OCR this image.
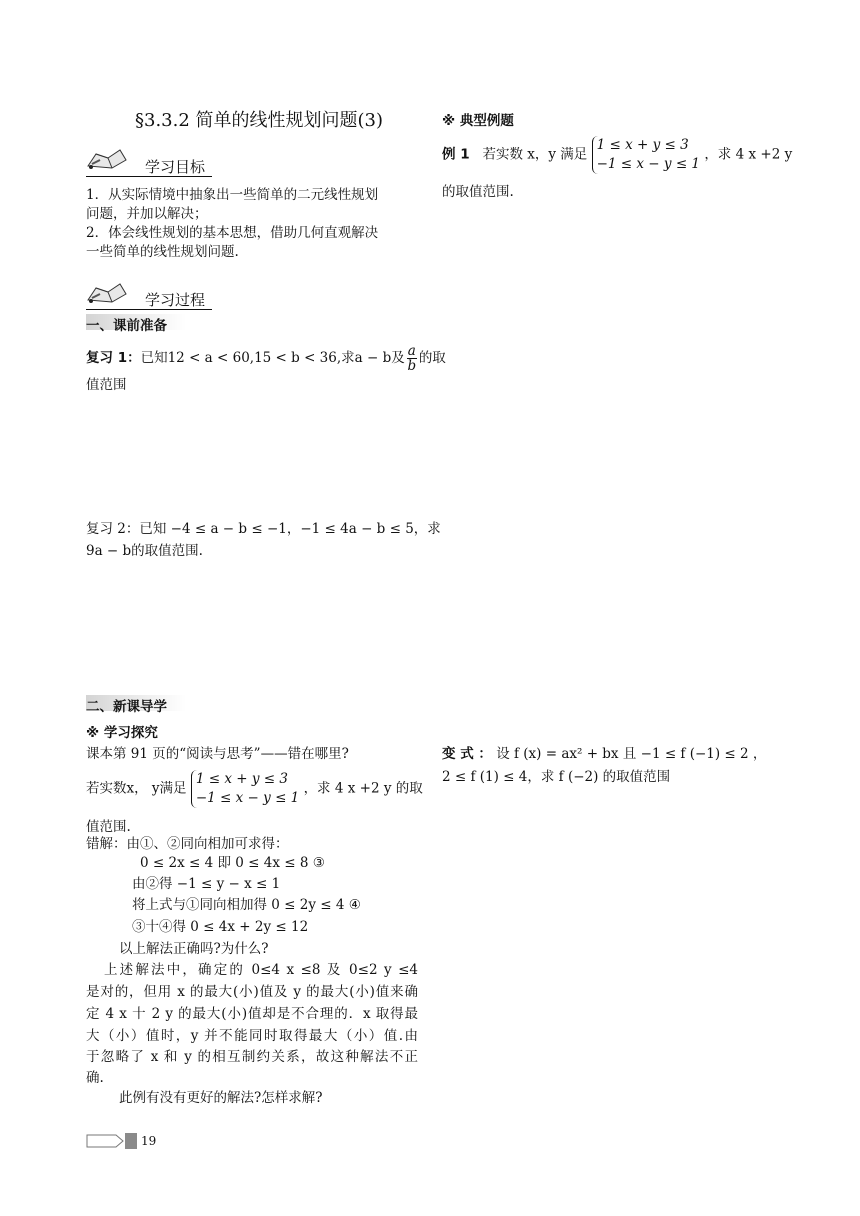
§3.3.2 简单的线性规划问题(3)
学习目标
1．从实际情境中抽象出一些简单的二元线性规划
问题，并加以解决；
2．体会线性规划的基本思想，借助几何直观解决
一些简单的线性规划问题.
学习过程
一、课前准备
复习 1：已知12 < a < 60,15 < b < 36,求a − b及 $\frac{a}{b}$ 的取
值范围
复习 2：已知 −4 ≤ a − b ≤ −1，−1 ≤ 4a − b ≤ 5，求
9a − b的取值范围.
二、新课导学
※ 学习探究
课本第 91 页的“阅读与思考”——错在哪里?
若实数x， y满足
1 ≤ x + y ≤ 3
−1 ≤ x − y ≤ 1
，求 4 x +2 y 的取
值范围.
错解：由①、②同向相加可求得：
0 ≤ 2x ≤ 4 即 0 ≤ 4x ≤ 8 ③
由②得 −1 ≤ y − x ≤ 1
将上式与①同向相加得 0 ≤ 2y ≤ 4 ④
③十④得 0 ≤ 4x + 2y ≤ 12
以上解法正确吗?为什么?
上述解法中，确定的 0≤4 x ≤8 及 0≤2 y ≤4
是对的，但用 x 的最大(小)值及 y 的最大(小)值来确
定 4 x 十 2 y 的最大(小)值却是不合理的．x 取得最
大（小）值时，y 并不能同时取得最大（小）值.由
于忽略了 x 和 y 的相互制约关系，故这种解法不正
确.
此例有没有更好的解法?怎样求解?
※ 典型例题
例 1 若实数 x，y 满足
1 ≤ x + y ≤ 3
−1 ≤ x − y ≤ 1
，求 4 x +2 y
的取值范围.
变 式 ： 设 f (x) = ax² + bx 且 −1 ≤ f (−1) ≤ 2 ，
2 ≤ f (1) ≤ 4，求 f (−2) 的取值范围
19
